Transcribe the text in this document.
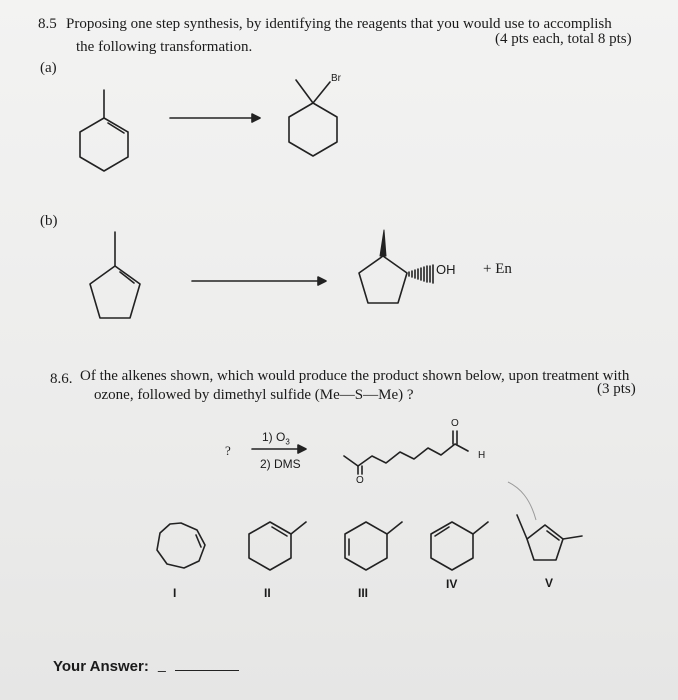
8.5 Proposing one step synthesis, by identifying the reagents that you would use to accomplish
the following transformation.	(4 pts each, total 8 pts)
(a)
(b)
8.6. Of the alkenes shown, which would produce the product shown below, upon treatment with
ozone, followed by dimethyl sulfide (Me—S—Me) ?	(3 pts)
Br
OH + En
?
1) $O_3$
2) DMS
H
O
O
I	II	III
IV	V
Your Answer: _
